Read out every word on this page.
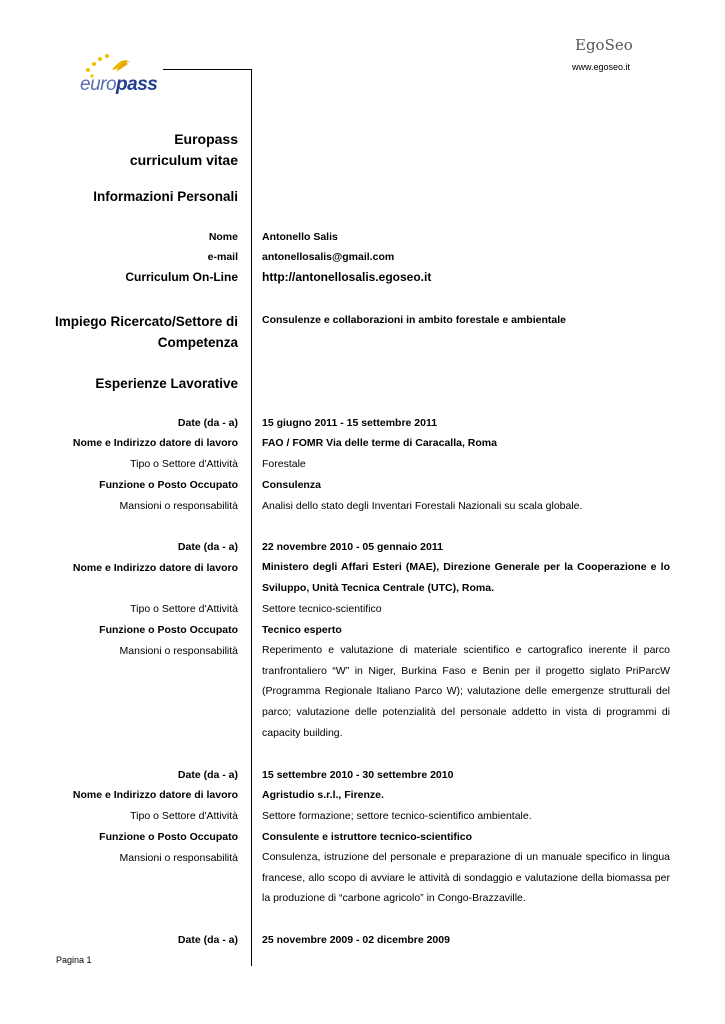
europass
EgoSeo
www.egoseo.it
Europass
curriculum vitae
Informazioni Personali
Nome Antonello Salis
e-mail antonellosalis@gmail.com
Curriculum On-Line http://antonellosalis.egoseo.it
Impiego Ricercato/Settore di
Competenza
Consulenze e collaborazioni in ambito forestale e ambientale
Esperienze Lavorative
Date (da - a) 15 giugno 2011 - 15 settembre 2011
Nome e Indirizzo datore di lavoro FAO / FOMR Via delle terme di Caracalla, Roma
Tipo o Settore d'Attività Forestale
Funzione o Posto Occupato Consulenza
Mansioni o responsabilità Analisi dello stato degli Inventari Forestali Nazionali su scala globale.
Date (da - a) 22 novembre 2010 - 05 gennaio 2011
Nome e Indirizzo datore di lavoro Ministero degli Affari Esteri (MAE), Direzione Generale per la Cooperazione e lo Sviluppo, Unità Tecnica Centrale (UTC), Roma.
Tipo o Settore d'Attività Settore tecnico-scientifico
Funzione o Posto Occupato Tecnico esperto
Mansioni o responsabilità Reperimento e valutazione di materiale scientifico e cartografico inerente il parco tranfrontaliero “W” in Niger, Burkina Faso e Benin per il progetto siglato PriParcW (Programma Regionale Italiano Parco W); valutazione delle emergenze strutturali del parco; valutazione delle potenzialità del personale addetto in vista di programmi di capacity building.
Date (da - a) 15 settembre 2010 - 30 settembre 2010
Nome e Indirizzo datore di lavoro Agristudio s.r.l., Firenze.
Tipo o Settore d'Attività Settore formazione; settore tecnico-scientifico ambientale.
Funzione o Posto Occupato Consulente e istruttore tecnico-scientifico
Mansioni o responsabilità Consulenza, istruzione del personale e preparazione di un manuale specifico in lingua francese, allo scopo di avviare le attività di sondaggio e valutazione della biomassa per la produzione di “carbone agricolo” in Congo-Brazzaville.
Date (da - a) 25 novembre 2009 - 02 dicembre 2009
Pagina 1
